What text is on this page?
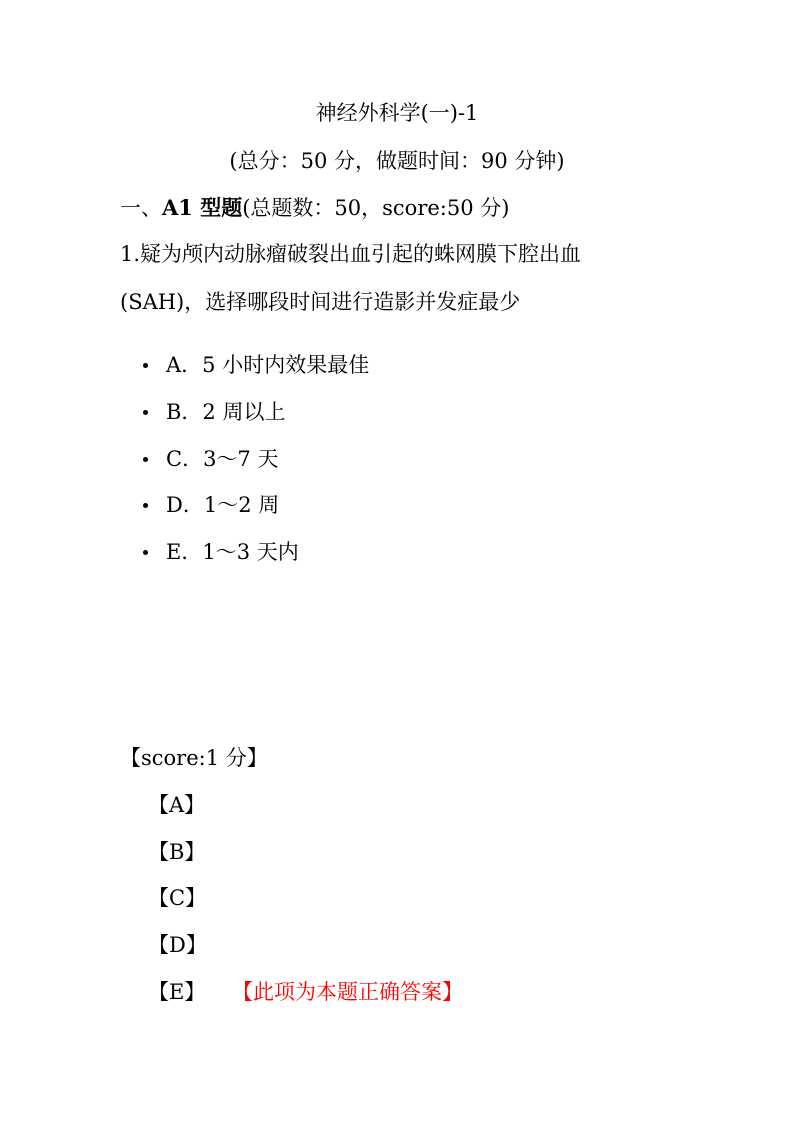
神经外科学(一)-1
(总分：50 分，做题时间：90 分钟)
一、A1 型题(总题数：50，score:50 分)
1.疑为颅内动脉瘤破裂出血引起的蛛网膜下腔出血
(SAH)，选择哪段时间进行造影并发症最少
A．5 小时内效果最佳
B．2 周以上
C．3～7 天
D．1～2 周
E．1～3 天内
【score:1 分】
【A】
【B】
【C】
【D】
【E】 【此项为本题正确答案】
